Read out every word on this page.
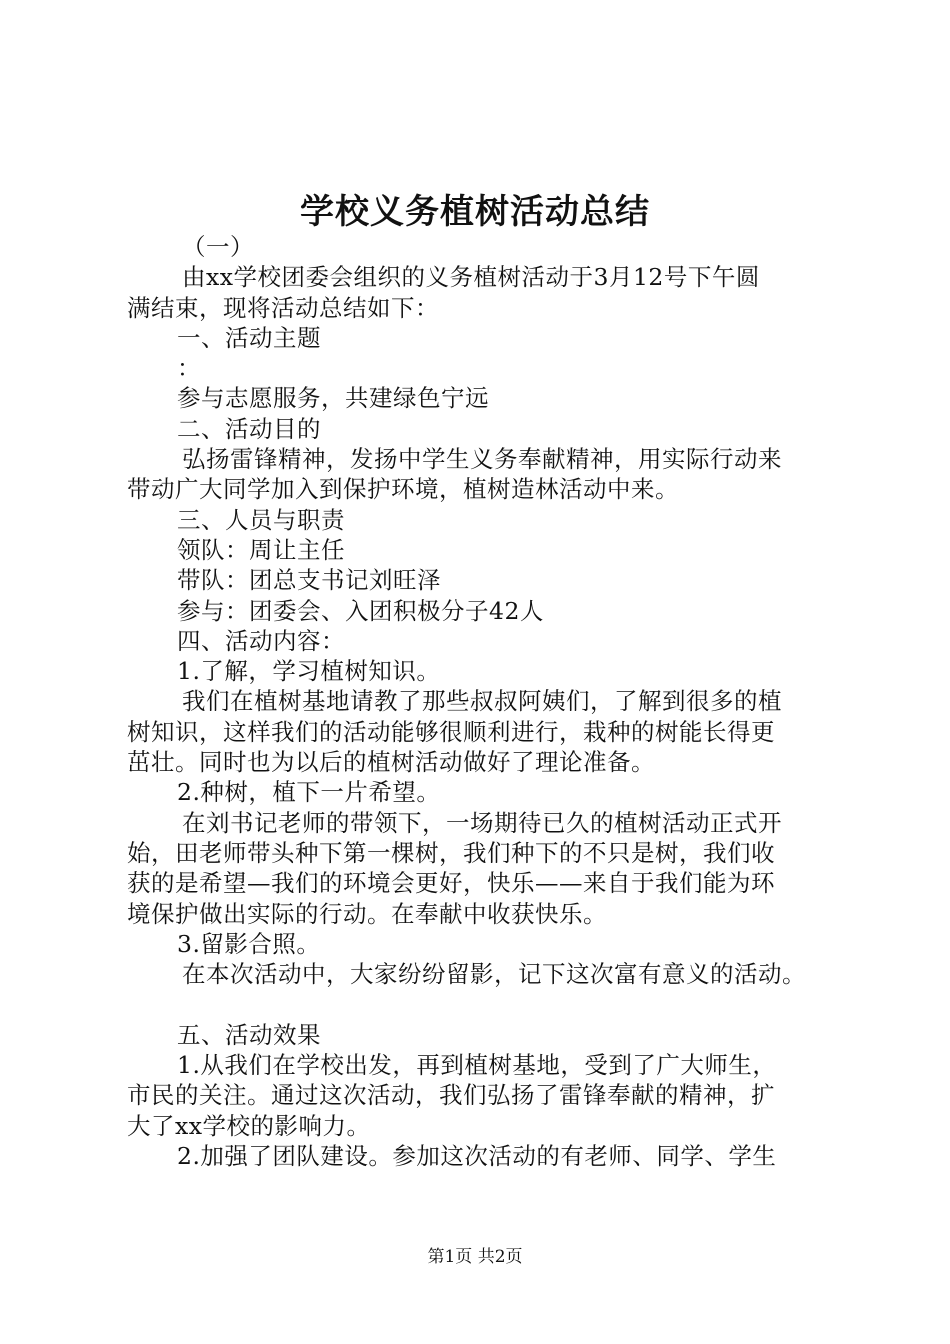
学校义务植树活动总结
（一）
由xx学校团委会组织的义务植树活动于3月12号下午圆
满结束，现将活动总结如下：
一、活动主题
：
参与志愿服务，共建绿色宁远
二、活动目的
弘扬雷锋精神，发扬中学生义务奉献精神，用实际行动来
带动广大同学加入到保护环境，植树造林活动中来。
三、人员与职责
领队：周让主任
带队：团总支书记刘旺泽
参与：团委会、入团积极分子42人
四、活动内容：
1.了解，学习植树知识。
我们在植树基地请教了那些叔叔阿姨们，了解到很多的植
树知识，这样我们的活动能够很顺利进行，栽种的树能长得更
茁壮。同时也为以后的植树活动做好了理论准备。
2.种树，植下一片希望。
在刘书记老师的带领下，一场期待已久的植树活动正式开
始，田老师带头种下第一棵树，我们种下的不只是树，我们收
获的是希望—我们的环境会更好，快乐——来自于我们能为环
境保护做出实际的行动。在奉献中收获快乐。
3.留影合照。
在本次活动中，大家纷纷留影，记下这次富有意义的活动。
五、活动效果
1.从我们在学校出发，再到植树基地，受到了广大师生，
市民的关注。通过这次活动，我们弘扬了雷锋奉献的精神，扩
大了xx学校的影响力。
2.加强了团队建设。参加这次活动的有老师、同学、学生

第1页 共2页
